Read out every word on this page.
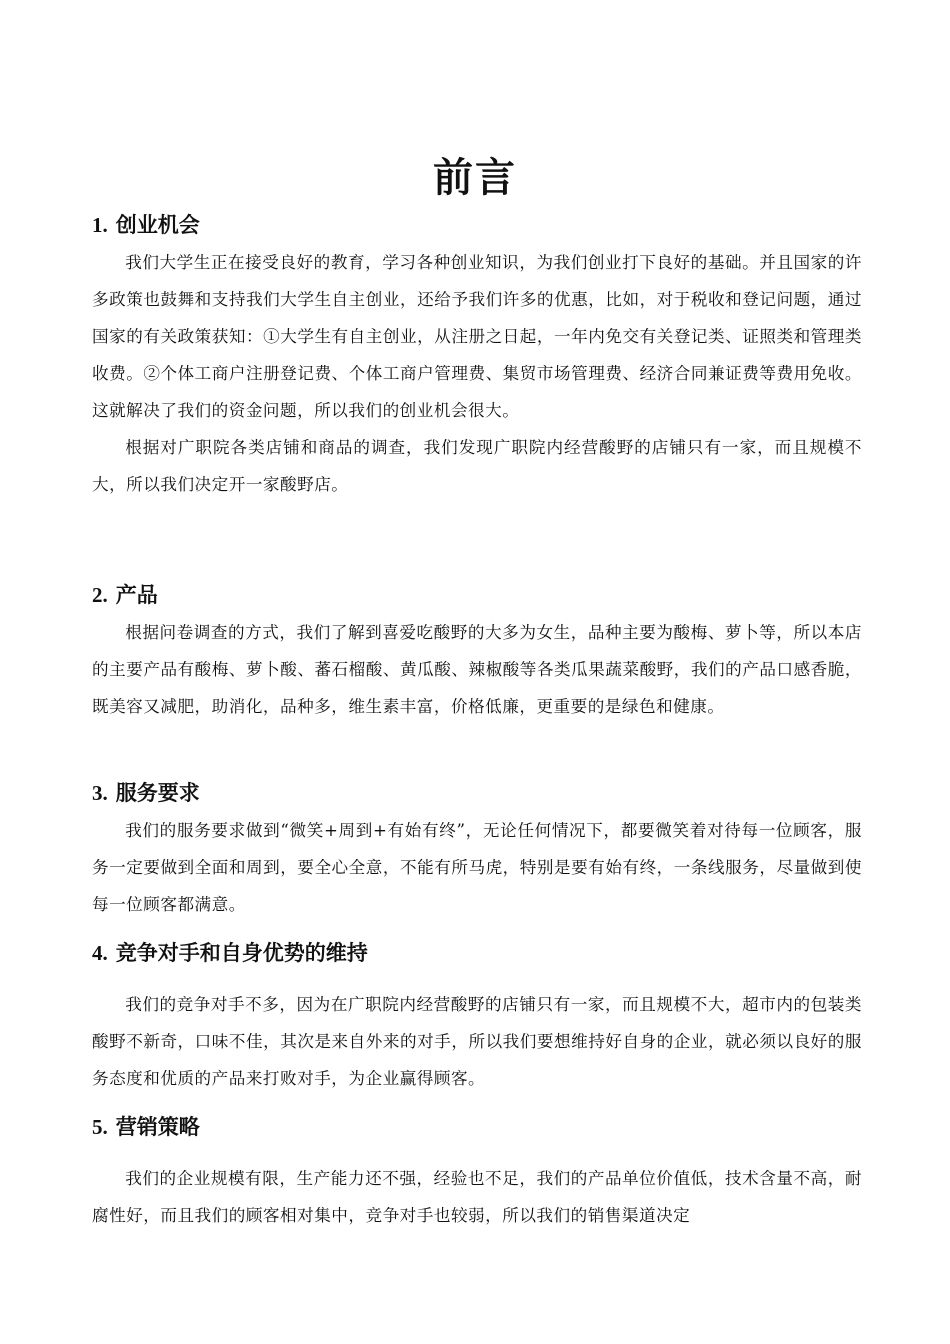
前言
1. 创业机会

我们大学生正在接受良好的教育，学习各种创业知识，为我们创业打下良好的基础。并且国家的许多政策也鼓舞和支持我们大学生自主创业，还给予我们许多的优惠，比如，对于税收和登记问题，通过国家的有关政策获知：①大学生有自主创业，从注册之日起，一年内免交有关登记类、证照类和管理类收费。②个体工商户注册登记费、个体工商户管理费、集贸市场管理费、经济合同兼证费等费用免收。这就解决了我们的资金问题，所以我们的创业机会很大。

根据对广职院各类店铺和商品的调查，我们发现广职院内经营酸野的店铺只有一家，而且规模不大，所以我们决定开一家酸野店。

2. 产品

根据问卷调查的方式，我们了解到喜爱吃酸野的大多为女生，品种主要为酸梅、萝卜等，所以本店的主要产品有酸梅、萝卜酸、蕃石榴酸、黄瓜酸、辣椒酸等各类瓜果蔬菜酸野，我们的产品口感香脆，既美容又减肥，助消化，品种多，维生素丰富，价格低廉，更重要的是绿色和健康。

3. 服务要求

我们的服务要求做到“微笑+周到+有始有终”，无论任何情况下，都要微笑着对待每一位顾客，服务一定要做到全面和周到，要全心全意，不能有所马虎，特别是要有始有终，一条线服务，尽量做到使每一位顾客都满意。

4. 竞争对手和自身优势的维持

我们的竞争对手不多，因为在广职院内经营酸野的店铺只有一家，而且规模不大，超市内的包装类酸野不新奇，口味不佳，其次是来自外来的对手，所以我们要想维持好自身的企业，就必须以良好的服务态度和优质的产品来打败对手，为企业赢得顾客。

5. 营销策略

我们的企业规模有限，生产能力还不强，经验也不足，我们的产品单位价值低，技术含量不高，耐腐性好，而且我们的顾客相对集中，竞争对手也较弱，所以我们的销售渠道决定
